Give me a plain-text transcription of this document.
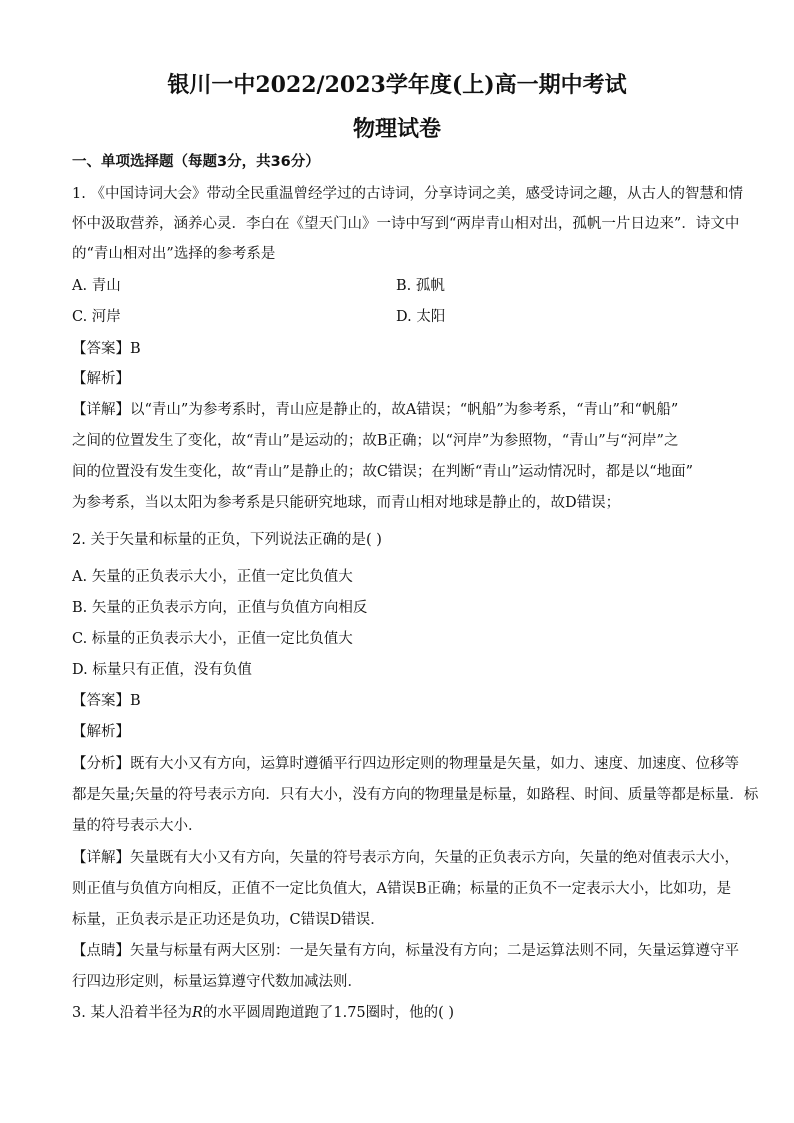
银川一中2022/2023学年度(上)高一期中考试
物理试卷
一、单项选择题（每题3分，共36分）
1. 《中国诗词大会》带动全民重温曾经学过的古诗词，分享诗词之美，感受诗词之趣，从古人的智慧和情
怀中汲取营养，涵养心灵．李白在《望天门山》一诗中写到“两岸青山相对出，孤帆一片日边来”．诗文中
的“青山相对出”选择的参考系是
A. 青山	B. 孤帆
C. 河岸	D. 太阳
【答案】B
【解析】
【详解】以“青山”为参考系时，青山应是静止的，故A错误；“帆船”为参考系，“青山”和“帆船”
之间的位置发生了变化，故“青山”是运动的；故B正确；以“河岸”为参照物，“青山”与“河岸”之
间的位置没有发生变化，故“青山”是静止的；故C错误；在判断“青山”运动情况时，都是以“地面”
为参考系，当以太阳为参考系是只能研究地球，而青山相对地球是静止的，故D错误；
2. 关于矢量和标量的正负，下列说法正确的是( )
A. 矢量的正负表示大小，正值一定比负值大
B. 矢量的正负表示方向，正值与负值方向相反
C. 标量的正负表示大小，正值一定比负值大
D. 标量只有正值，没有负值
【答案】B
【解析】
【分析】既有大小又有方向，运算时遵循平行四边形定则的物理量是矢量，如力、速度、加速度、位移等
都是矢量;矢量的符号表示方向．只有大小，没有方向的物理量是标量，如路程、时间、质量等都是标量．标
量的符号表示大小．
【详解】矢量既有大小又有方向，矢量的符号表示方向，矢量的正负表示方向，矢量的绝对值表示大小，
则正值与负值方向相反，正值不一定比负值大，A错误B正确；标量的正负不一定表示大小，比如功，是
标量，正负表示是正功还是负功，C错误D错误．
【点睛】矢量与标量有两大区别：一是矢量有方向，标量没有方向；二是运算法则不同，矢量运算遵守平
行四边形定则，标量运算遵守代数加减法则．
3. 某人沿着半径为R的水平圆周跑道跑了1.75圈时，他的( )
